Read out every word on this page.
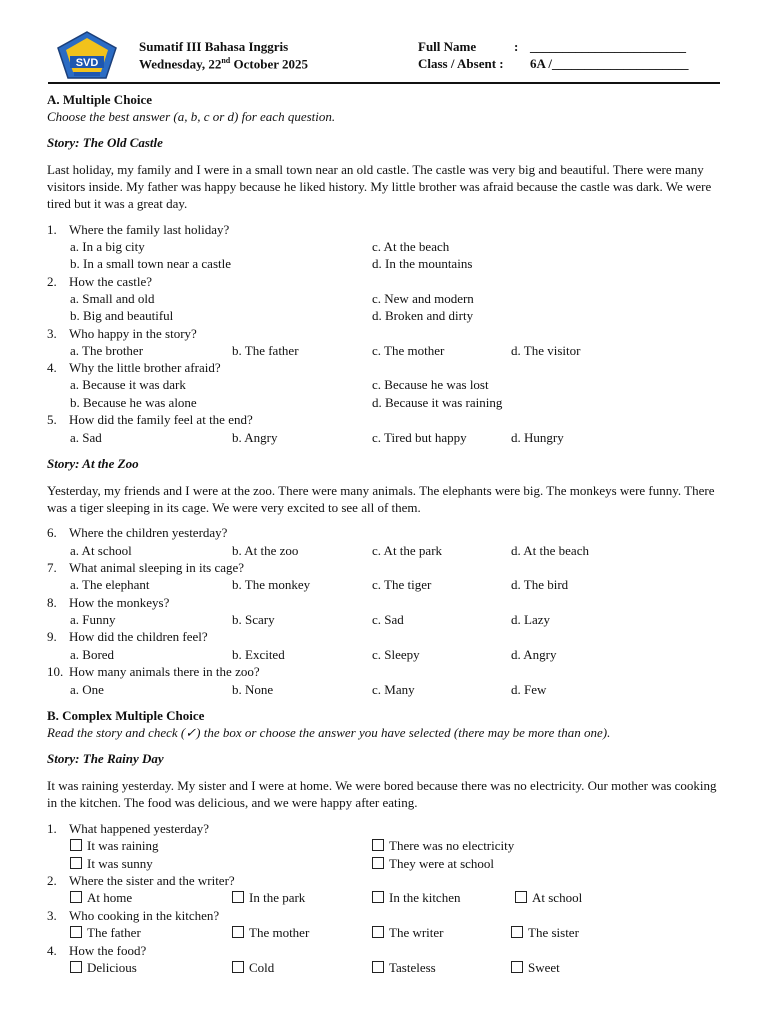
SVD
Sumatif III Bahasa Inggris
Wednesday, 22nd October 2025
Full Name	: ________________________
Class / Absent : 6A /_____________________
A. Multiple Choice
Choose the best answer (a, b, c or d) for each question.
Story: The Old Castle
Last holiday, my family and I were in a small town near an old castle. The castle was very big and beautiful. There were many visitors inside. My father was happy because he liked history. My little brother was afraid because the castle was dark. We were tired but it was a great day.
1. Where the family last holiday?
a. In a big city	c. At the beach
b. In a small town near a castle	d. In the mountains
2. How the castle?
a. Small and old	c. New and modern
b. Big and beautiful	d. Broken and dirty
3. Who happy in the story?
a. The brother	b. The father	c. The mother	d. The visitor
4. Why the little brother afraid?
a. Because it was dark	c. Because he was lost
b. Because he was alone	d. Because it was raining
5. How did the family feel at the end?
a. Sad	b. Angry	c. Tired but happy	d. Hungry
Story: At the Zoo
Yesterday, my friends and I were at the zoo. There were many animals. The elephants were big. The monkeys were funny. There was a tiger sleeping in its cage. We were very excited to see all of them.
6. Where the children yesterday?
a. At school	b. At the zoo	c. At the park	d. At the beach
7. What animal sleeping in its cage?
a. The elephant	b. The monkey	c. The tiger	d. The bird
8. How the monkeys?
a. Funny	b. Scary	c. Sad	d. Lazy
9. How did the children feel?
a. Bored	b. Excited	c. Sleepy	d. Angry
10. How many animals there in the zoo?
a. One	b. None	c. Many	d. Few
B. Complex Multiple Choice
Read the story and check (✓) the box or choose the answer you have selected (there may be more than one).
Story: The Rainy Day
It was raining yesterday. My sister and I were at home. We were bored because there was no electricity. Our mother was cooking in the kitchen. The food was delicious, and we were happy after eating.
1. What happened yesterday?
It was raining	There was no electricity
It was sunny	They were at school
2. Where the sister and the writer?
At home	In the park	In the kitchen	At school
3. Who cooking in the kitchen?
The father	The mother	The writer	The sister
4. How the food?
Delicious	Cold	Tasteless	Sweet
